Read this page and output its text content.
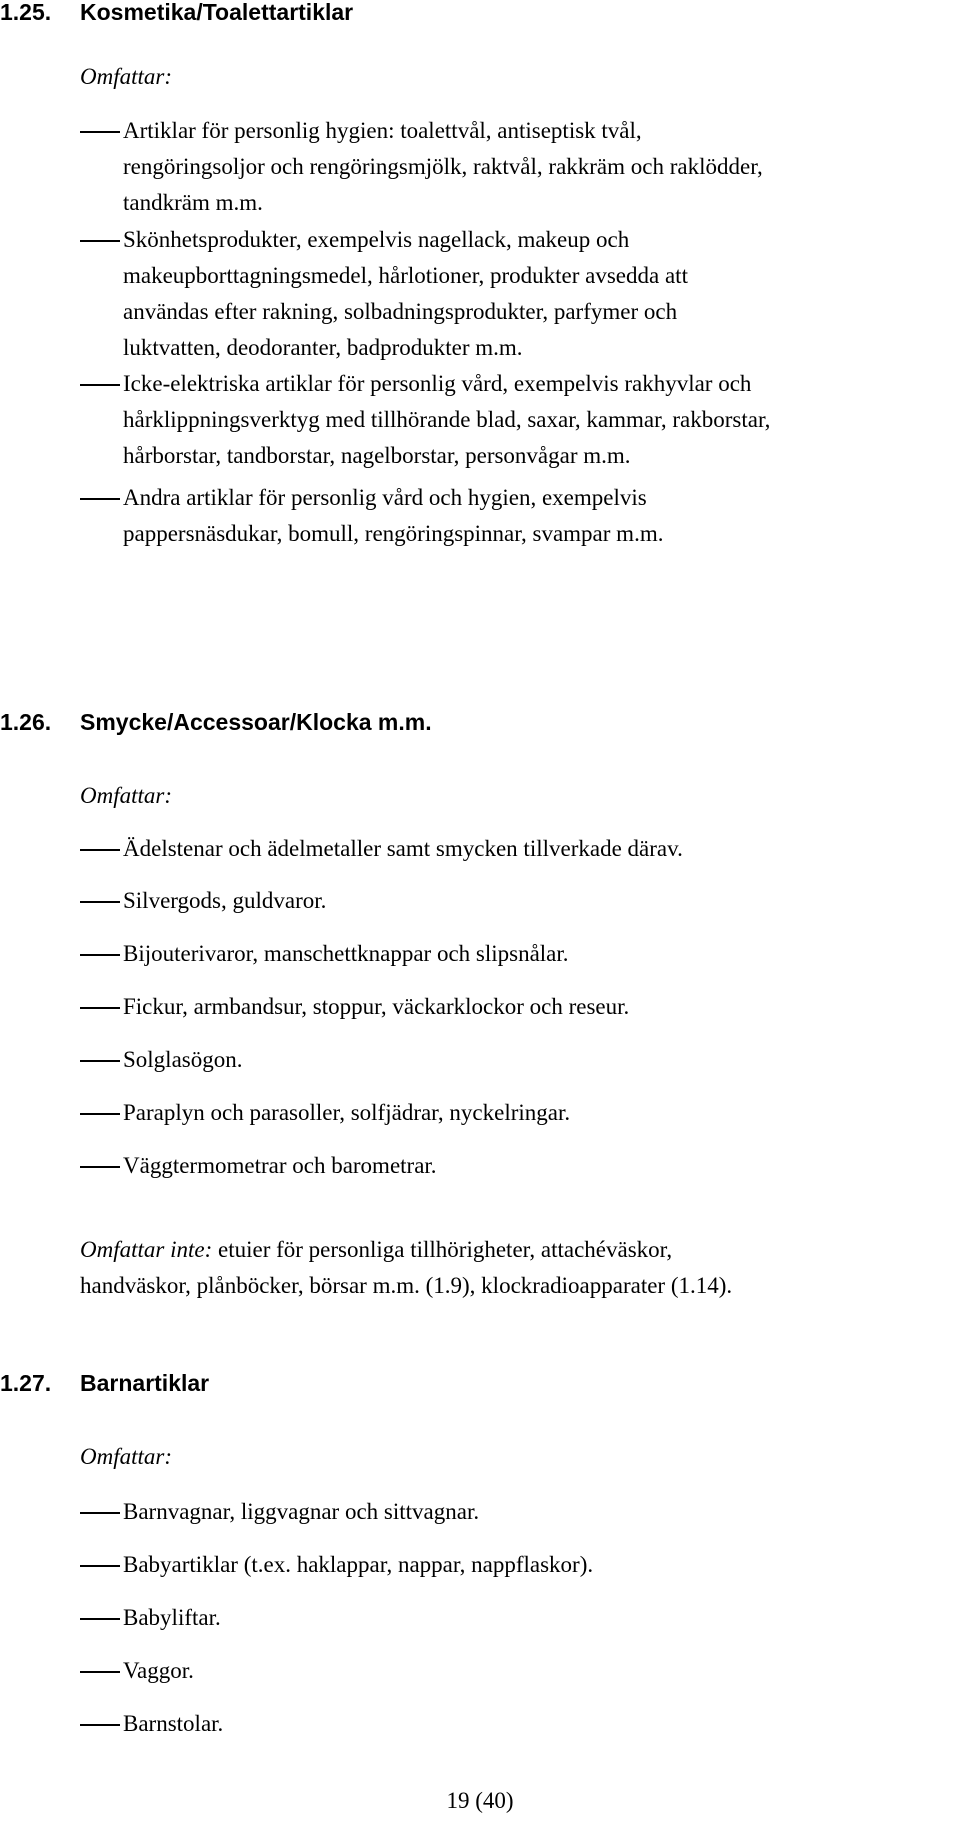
1.25. Kosmetika/Toalettartiklar

Omfattar:

Artiklar för personlig hygien: toalettvål, antiseptisk tvål,
rengöringsoljor och rengöringsmjölk, raktvål, rakkräm och raklödder,
tandkräm m.m.
Skönhetsprodukter, exempelvis nagellack, makeup och
makeupborttagningsmedel, hårlotioner, produkter avsedda att
användas efter rakning, solbadningsprodukter, parfymer och
luktvatten, deodoranter, badprodukter m.m.
Icke-elektriska artiklar för personlig vård, exempelvis rakhyvlar och
hårklippningsverktyg med tillhörande blad, saxar, kammar, rakborstar,
hårborstar, tandborstar, nagelborstar, personvågar m.m.
Andra artiklar för personlig vård och hygien, exempelvis
pappersnäsdukar, bomull, rengöringspinnar, svampar m.m.
1.26. Smycke/Accessoar/Klocka m.m.

Omfattar:

Ädelstenar och ädelmetaller samt smycken tillverkade därav.
Silvergods, guldvaror.
Bijouterivaror, manschettknappar och slipsnålar.
Fickur, armbandsur, stoppur, väckarklockor och reseur.
Solglasögon.
Paraplyn och parasoller, solfjädrar, nyckelringar.
Väggtermometrar och barometrar.

Omfattar inte: etuier för personliga tillhörigheter, attachéväskor,
handväskor, plånböcker, börsar m.m. (1.9), klockradioapparater (1.14).

1.27. Barnartiklar

Omfattar:

Barnvagnar, liggvagnar och sittvagnar.
Babyartiklar (t.ex. haklappar, nappar, nappflaskor).
Babyliftar.
Vaggor.
Barnstolar.
19 (40)
